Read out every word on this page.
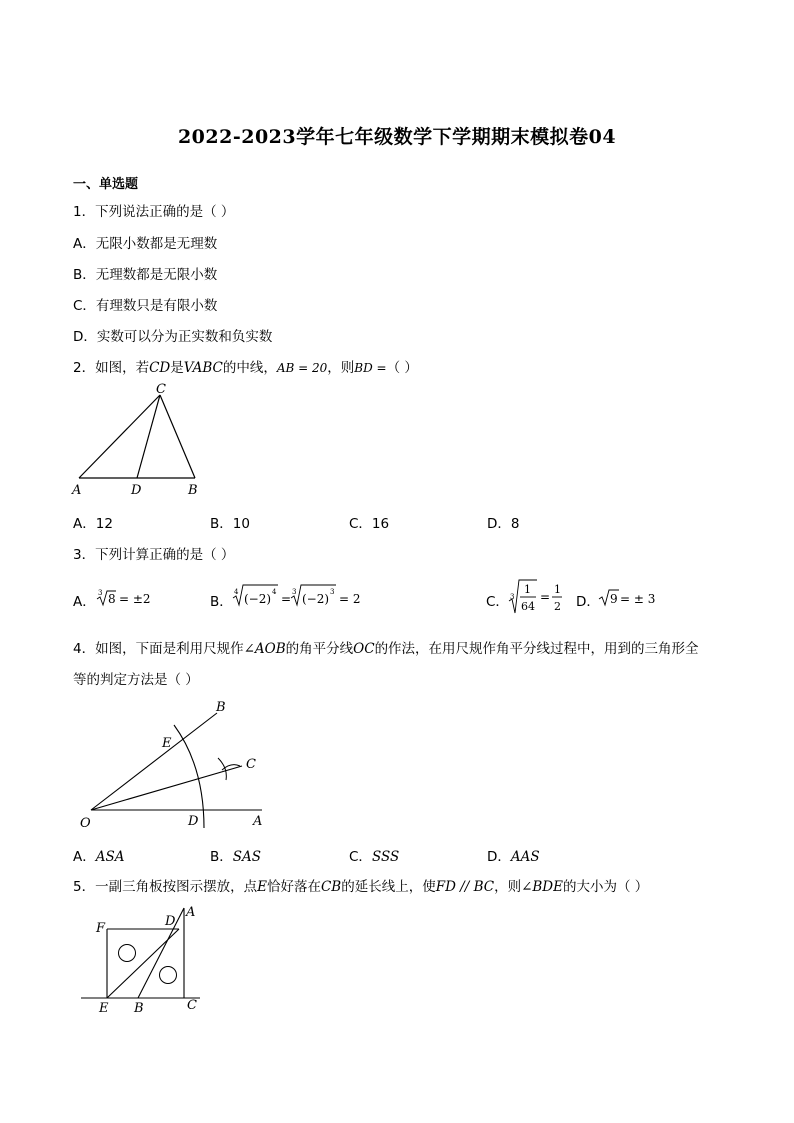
2022-2023学年七年级数学下学期期末模拟卷04
一、单选题
1．下列说法正确的是（ ）
A．无限小数都是无理数
B．无理数都是无限小数
C．有理数只是有限小数
D．实数可以分为正实数和负实数
2．如图，若CD是VABC的中线，AB = 20，则BD =（ ）
C
A	D	B
A．12	B．10	C．16	D．8
3．下列计算正确的是（ ）
A．
3 8 = ±2	B．
4 (−2) 4 = 3 (−2) 3 = 2	C． 3
1
64
=
1
2 D． 9 = ± 3
4．如图，下面是利用尺规作∠AOB的角平分线OC的作法，在用尺规作角平分线过程中，用到的三角形全
等的判定方法是（ ）
B
E
C
O	D	A
A．ASA	B．SAS	C．SSS	D．AAS
5．一副三角板按图示摆放，点E恰好落在CB的延长线上，使FD // BC，则∠BDE的大小为（ ）
F	D
A
E B	C
